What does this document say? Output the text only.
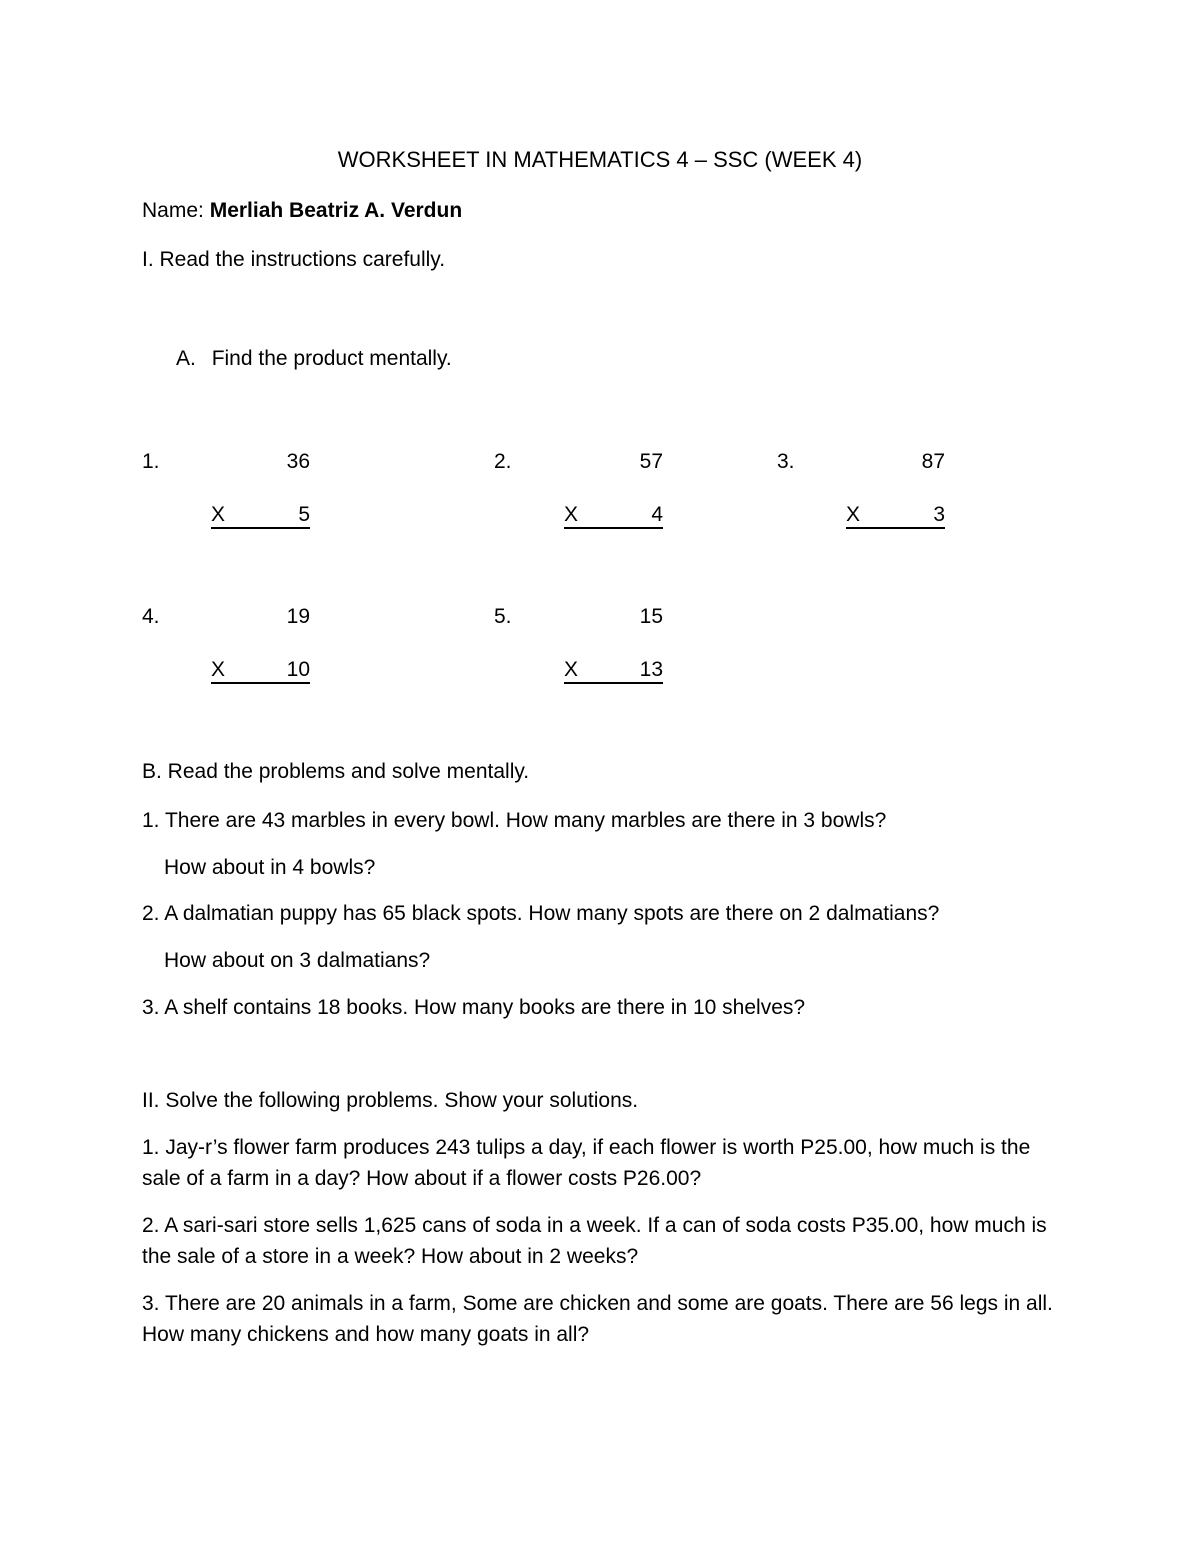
WORKSHEET IN MATHEMATICS 4 – SSC (WEEK 4)
Name: Merliah Beatriz A. Verdun
I. Read the instructions carefully.
A. Find the product mentally.
1.	36
X	5
2.	57
X	4
3.	87
X	3
4.	19
X	10
5.	15
X	13
B. Read the problems and solve mentally.
1. There are 43 marbles in every bowl. How many marbles are there in 3 bowls?
How about in 4 bowls?
2. A dalmatian puppy has 65 black spots. How many spots are there on 2 dalmatians?
How about on 3 dalmatians?
3. A shelf contains 18 books. How many books are there in 10 shelves?
II. Solve the following problems. Show your solutions.
1. Jay-r’s flower farm produces 243 tulips a day, if each flower is worth P25.00, how much is the sale of a farm in a day? How about if a flower costs P26.00?
2. A sari-sari store sells 1,625 cans of soda in a week. If a can of soda costs P35.00, how much is the sale of a store in a week? How about in 2 weeks?
3. There are 20 animals in a farm, Some are chicken and some are goats. There are 56 legs in all. How many chickens and how many goats in all?
